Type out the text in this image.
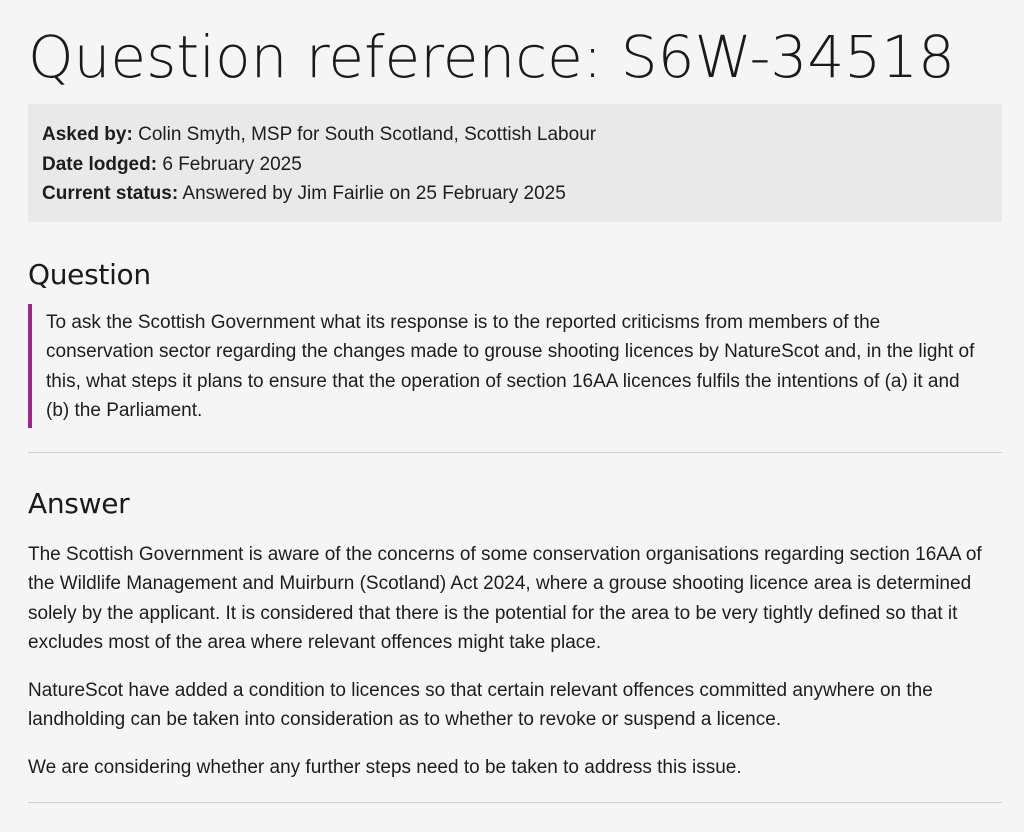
Question reference: S6W-34518
Asked by: Colin Smyth, MSP for South Scotland, Scottish Labour
Date lodged: 6 February 2025
Current status: Answered by Jim Fairlie on 25 February 2025
Question
To ask the Scottish Government what its response is to the reported criticisms from members of the conservation sector regarding the changes made to grouse shooting licences by NatureScot and, in the light of this, what steps it plans to ensure that the operation of section 16AA licences fulfils the intentions of (a) it and (b) the Parliament.
Answer

The Scottish Government is aware of the concerns of some conservation organisations regarding section 16AA of the Wildlife Management and Muirburn (Scotland) Act 2024, where a grouse shooting licence area is determined solely by the applicant. It is considered that there is the potential for the area to be very tightly defined so that it excludes most of the area where relevant offences might take place.

NatureScot have added a condition to licences so that certain relevant offences committed anywhere on the landholding can be taken into consideration as to whether to revoke or suspend a licence.

We are considering whether any further steps need to be taken to address this issue.
